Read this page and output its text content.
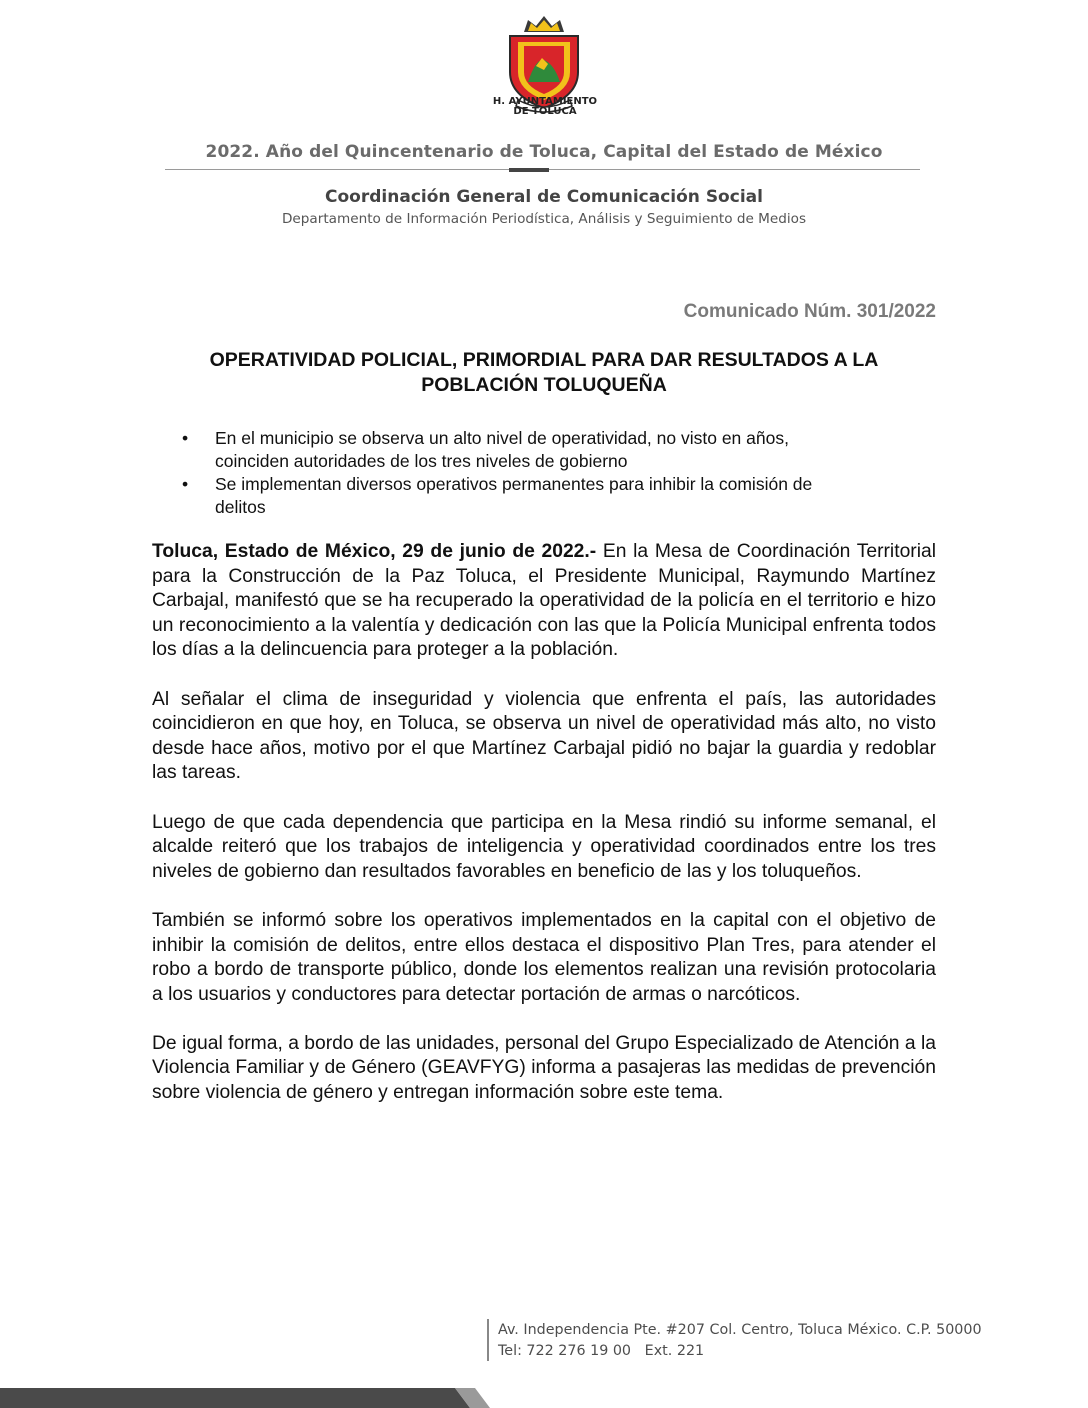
H. AYUNTAMIENTO
DE TOLUCA
2022. Año del Quincentenario de Toluca, Capital del Estado de México
Coordinación General de Comunicación Social
Departamento de Información Periodística, Análisis y Seguimiento de Medios
Comunicado Núm. 301/2022
OPERATIVIDAD POLICIAL, PRIMORDIAL PARA DAR RESULTADOS A LA
POBLACIÓN TOLUQUEÑA
• En el municipio se observa un alto nivel de operatividad, no visto en años,
coinciden autoridades de los tres niveles de gobierno
• Se implementan diversos operativos permanentes para inhibir la comisión de
delitos

Toluca, Estado de México, 29 de junio de 2022.- En la Mesa de Coordinación Territorial para la Construcción de la Paz Toluca, el Presidente Municipal, Raymundo Martínez Carbajal, manifestó que se ha recuperado la operatividad de la policía en el territorio e hizo un reconocimiento a la valentía y dedicación con las que la Policía Municipal enfrenta todos los días a la delincuencia para proteger a la población.

Al señalar el clima de inseguridad y violencia que enfrenta el país, las autoridades coincidieron en que hoy, en Toluca, se observa un nivel de operatividad más alto, no visto desde hace años, motivo por el que Martínez Carbajal pidió no bajar la guardia y redoblar las tareas.

Luego de que cada dependencia que participa en la Mesa rindió su informe semanal, el alcalde reiteró que los trabajos de inteligencia y operatividad coordinados entre los tres niveles de gobierno dan resultados favorables en beneficio de las y los toluqueños.

También se informó sobre los operativos implementados en la capital con el objetivo de inhibir la comisión de delitos, entre ellos destaca el dispositivo Plan Tres, para atender el robo a bordo de transporte público, donde los elementos realizan una revisión protocolaria a los usuarios y conductores para detectar portación de armas o narcóticos.

De igual forma, a bordo de las unidades, personal del Grupo Especializado de Atención a la Violencia Familiar y de Género (GEAVFYG) informa a pasajeras las medidas de prevención sobre violencia de género y entregan información sobre este tema.

Av. Independencia Pte. #207 Col. Centro, Toluca México. C.P. 50000
Tel: 722 276 19 00 Ext. 221
